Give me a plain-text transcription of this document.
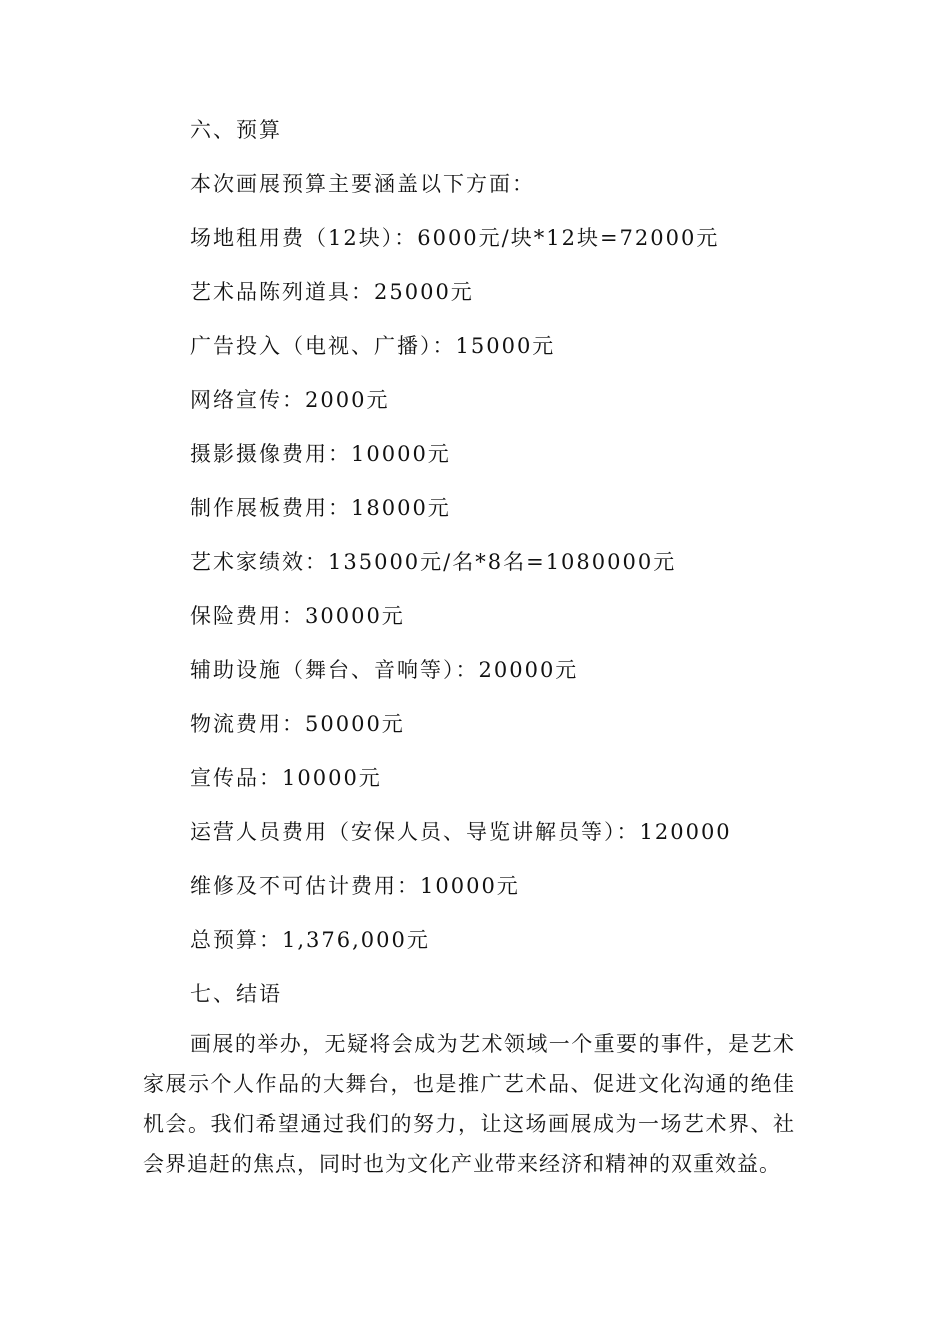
六、预算
本次画展预算主要涵盖以下方面：
场地租用费（12块）：6000元/块*12块=72000元
艺术品陈列道具：25000元
广告投入（电视、广播）：15000元
网络宣传：2000元
摄影摄像费用：10000元
制作展板费用：18000元
艺术家绩效：135000元/名*8名=1080000元
保险费用：30000元
辅助设施（舞台、音响等）：20000元
物流费用：50000元
宣传品：10000元
运营人员费用（安保人员、导览讲解员等）：120000
维修及不可估计费用：10000元
总预算：1,376,000元
七、结语
画展的举办，无疑将会成为艺术领域一个重要的事件，是艺术家展示个人作品的大舞台，也是推广艺术品、促进文化沟通的绝佳机会。我们希望通过我们的努力，让这场画展成为一场艺术界、社会界追赶的焦点，同时也为文化产业带来经济和精神的双重效益。
